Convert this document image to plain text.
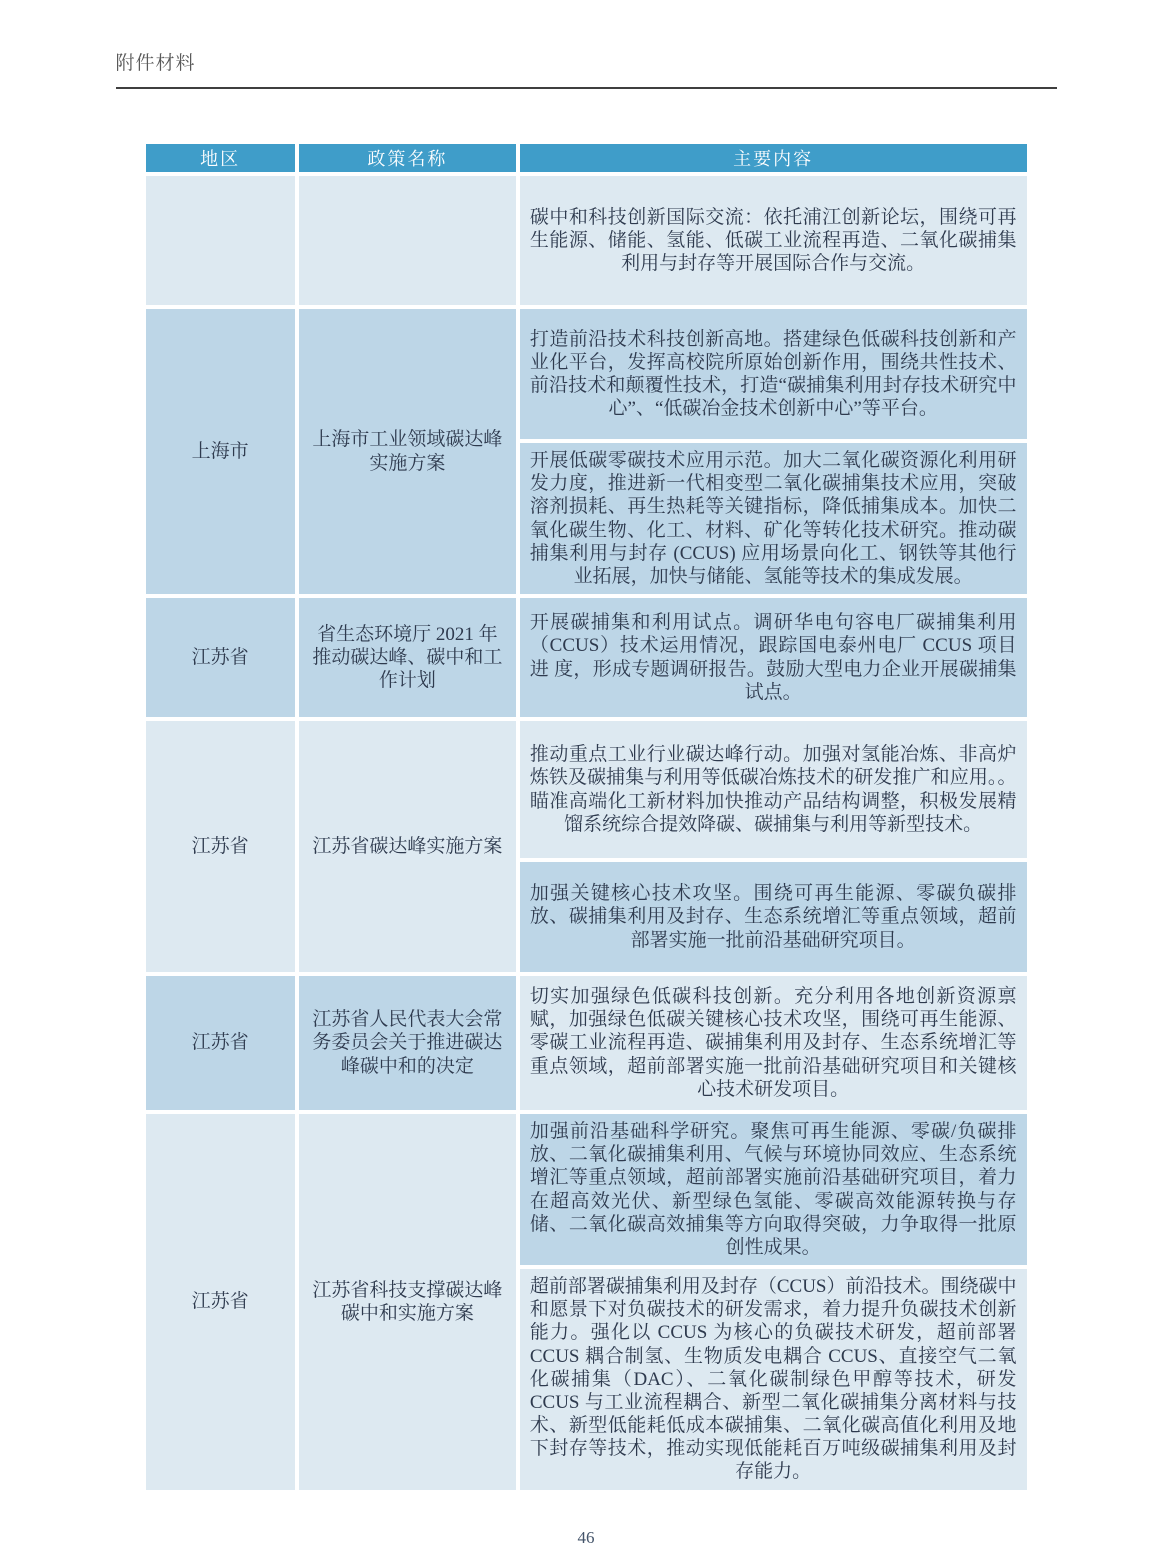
附件材料
地区	政策名称	主要内容
		碳中和科技创新国际交流：依托浦江创新论坛，围绕可再生能源、储能、氢能、低碳工业流程再造、二氧化碳捕集利用与封存等开展国际合作与交流。
上海市	上海市工业领域碳达峰实施方案	打造前沿技术科技创新高地。搭建绿色低碳科技创新和产业化平台，发挥高校院所原始创新作用，围绕共性技术、前沿技术和颠覆性技术，打造“碳捕集利用封存技术研究中心”、“低碳冶金技术创新中心”等平台。
		开展低碳零碳技术应用示范。加大二氧化碳资源化利用研发力度，推进新一代相变型二氧化碳捕集技术应用，突破溶剂损耗、再生热耗等关键指标，降低捕集成本。加快二氧化碳生物、化工、材料、矿化等转化技术研究。推动碳捕集利用与封存 (CCUS) 应用场景向化工、钢铁等其他行业拓展，加快与储能、氢能等技术的集成发展。
江苏省	省生态环境厅 2021 年推动碳达峰、碳中和工作计划	开展碳捕集和利用试点。调研华电句容电厂碳捕集利用（CCUS）技术运用情况，跟踪国电泰州电厂 CCUS 项目进 度，形成专题调研报告。鼓励大型电力企业开展碳捕集试点。
江苏省	江苏省碳达峰实施方案	推动重点工业行业碳达峰行动。加强对氢能冶炼、非高炉炼铁及碳捕集与利用等低碳冶炼技术的研发推广和应用。。瞄准高端化工新材料加快推动产品结构调整，积极发展精馏系统综合提效降碳、碳捕集与利用等新型技术。
		加强关键核心技术攻坚。围绕可再生能源、零碳负碳排放、碳捕集利用及封存、生态系统增汇等重点领域，超前部署实施一批前沿基础研究项目。
江苏省	江苏省人民代表大会常务委员会关于推进碳达峰碳中和的决定	切实加强绿色低碳科技创新。充分利用各地创新资源禀赋，加强绿色低碳关键核心技术攻坚，围绕可再生能源、零碳工业流程再造、碳捕集利用及封存、生态系统增汇等重点领域，超前部署实施一批前沿基础研究项目和关键核心技术研发项目。
江苏省	江苏省科技支撑碳达峰碳中和实施方案	加强前沿基础科学研究。聚焦可再生能源、零碳/负碳排放、二氧化碳捕集利用、气候与环境协同效应、生态系统增汇等重点领域，超前部署实施前沿基础研究项目，着力在超高效光伏、新型绿色氢能、零碳高效能源转换与存储、二氧化碳高效捕集等方向取得突破，力争取得一批原创性成果。
		超前部署碳捕集利用及封存（CCUS）前沿技术。围绕碳中和愿景下对负碳技术的研发需求，着力提升负碳技术创新能力。强化以 CCUS 为核心的负碳技术研发，超前部署 CCUS 耦合制氢、生物质发电耦合 CCUS、直接空气二氧化碳捕集（DAC）、二氧化碳制绿色甲醇等技术，研发 CCUS 与工业流程耦合、新型二氧化碳捕集分离材料与技术、新型低能耗低成本碳捕集、二氧化碳高值化利用及地下封存等技术，推动实现低能耗百万吨级碳捕集利用及封存能力。
46
